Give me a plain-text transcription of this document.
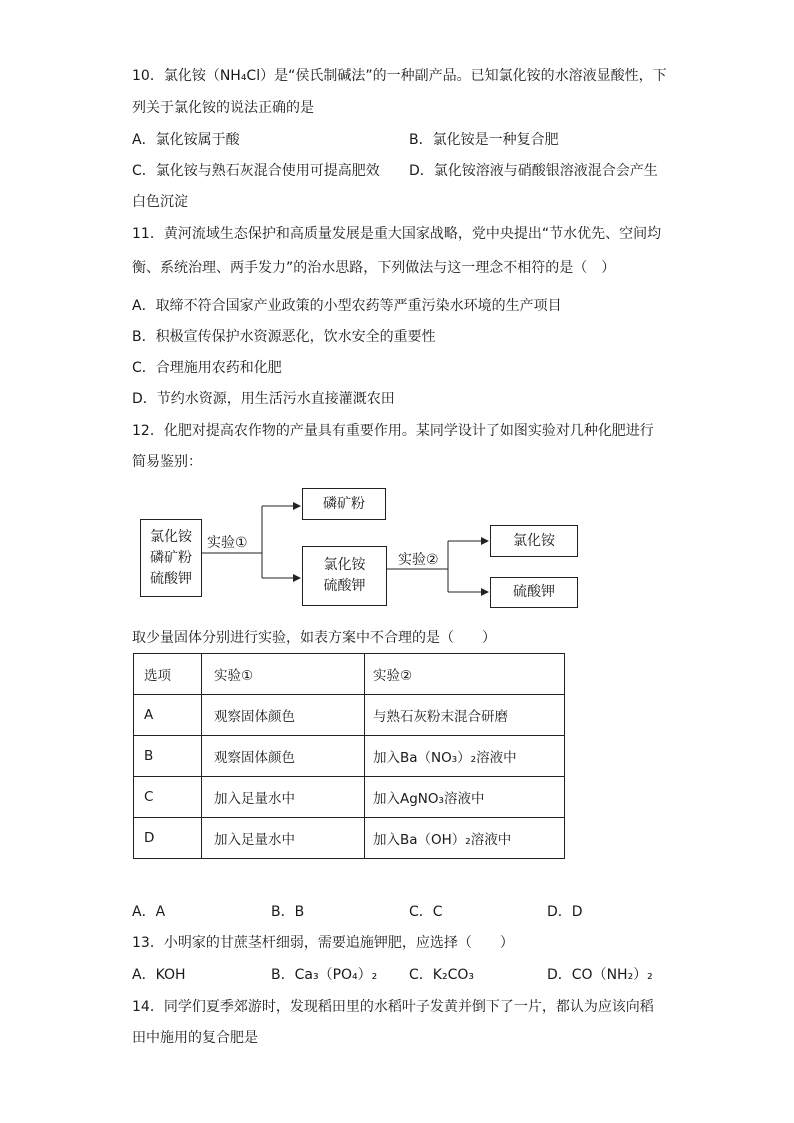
10．氯化铵（NH₄Cl）是“侯氏制碱法”的一种副产品。已知氯化铵的水溶液显酸性，下
列关于氯化铵的说法正确的是
A．氯化铵属于酸	B．氯化铵是一种复合肥
C．氯化铵与熟石灰混合使用可提高肥效 D．氯化铵溶液与硝酸银溶液混合会产生
白色沉淀
11．黄河流域生态保护和高质量发展是重大国家战略，党中央提出“节水优先、空间均
衡、系统治理、两手发力”的治水思路，下列做法与这一理念不相符的是（　）
A．取缔不符合国家产业政策的小型农药等严重污染水环境的生产项目
B．积极宣传保护水资源恶化，饮水安全的重要性
C．合理施用农药和化肥
D．节约水资源，用生活污水直接灌溉农田
12．化肥对提高农作物的产量具有重要作用。某同学设计了如图实验对几种化肥进行
简易鉴别：
氯化铵
磷矿粉
硫酸钾
实验①
磷矿粉
氯化铵
硫酸钾
实验②
氯化铵
硫酸钾
取少量固体分别进行实验，如表方案中不合理的是（　　）
选项	实验①	实验②
A	观察固体颜色	与熟石灰粉末混合研磨
B	观察固体颜色	加入Ba（NO₃）₂溶液中
C	加入足量水中	加入AgNO₃溶液中
D	加入足量水中	加入Ba（OH）₂溶液中
A．A	B．B	C．C	D．D
13．小明家的甘蔗茎杆细弱，需要追施钾肥，应选择（　　）
A．KOH	B．Ca₃（PO₄）₂ C．K₂CO₃	D．CO（NH₂）₂
14．同学们夏季郊游时，发现稻田里的水稻叶子发黄并倒下了一片，都认为应该向稻
田中施用的复合肥是
